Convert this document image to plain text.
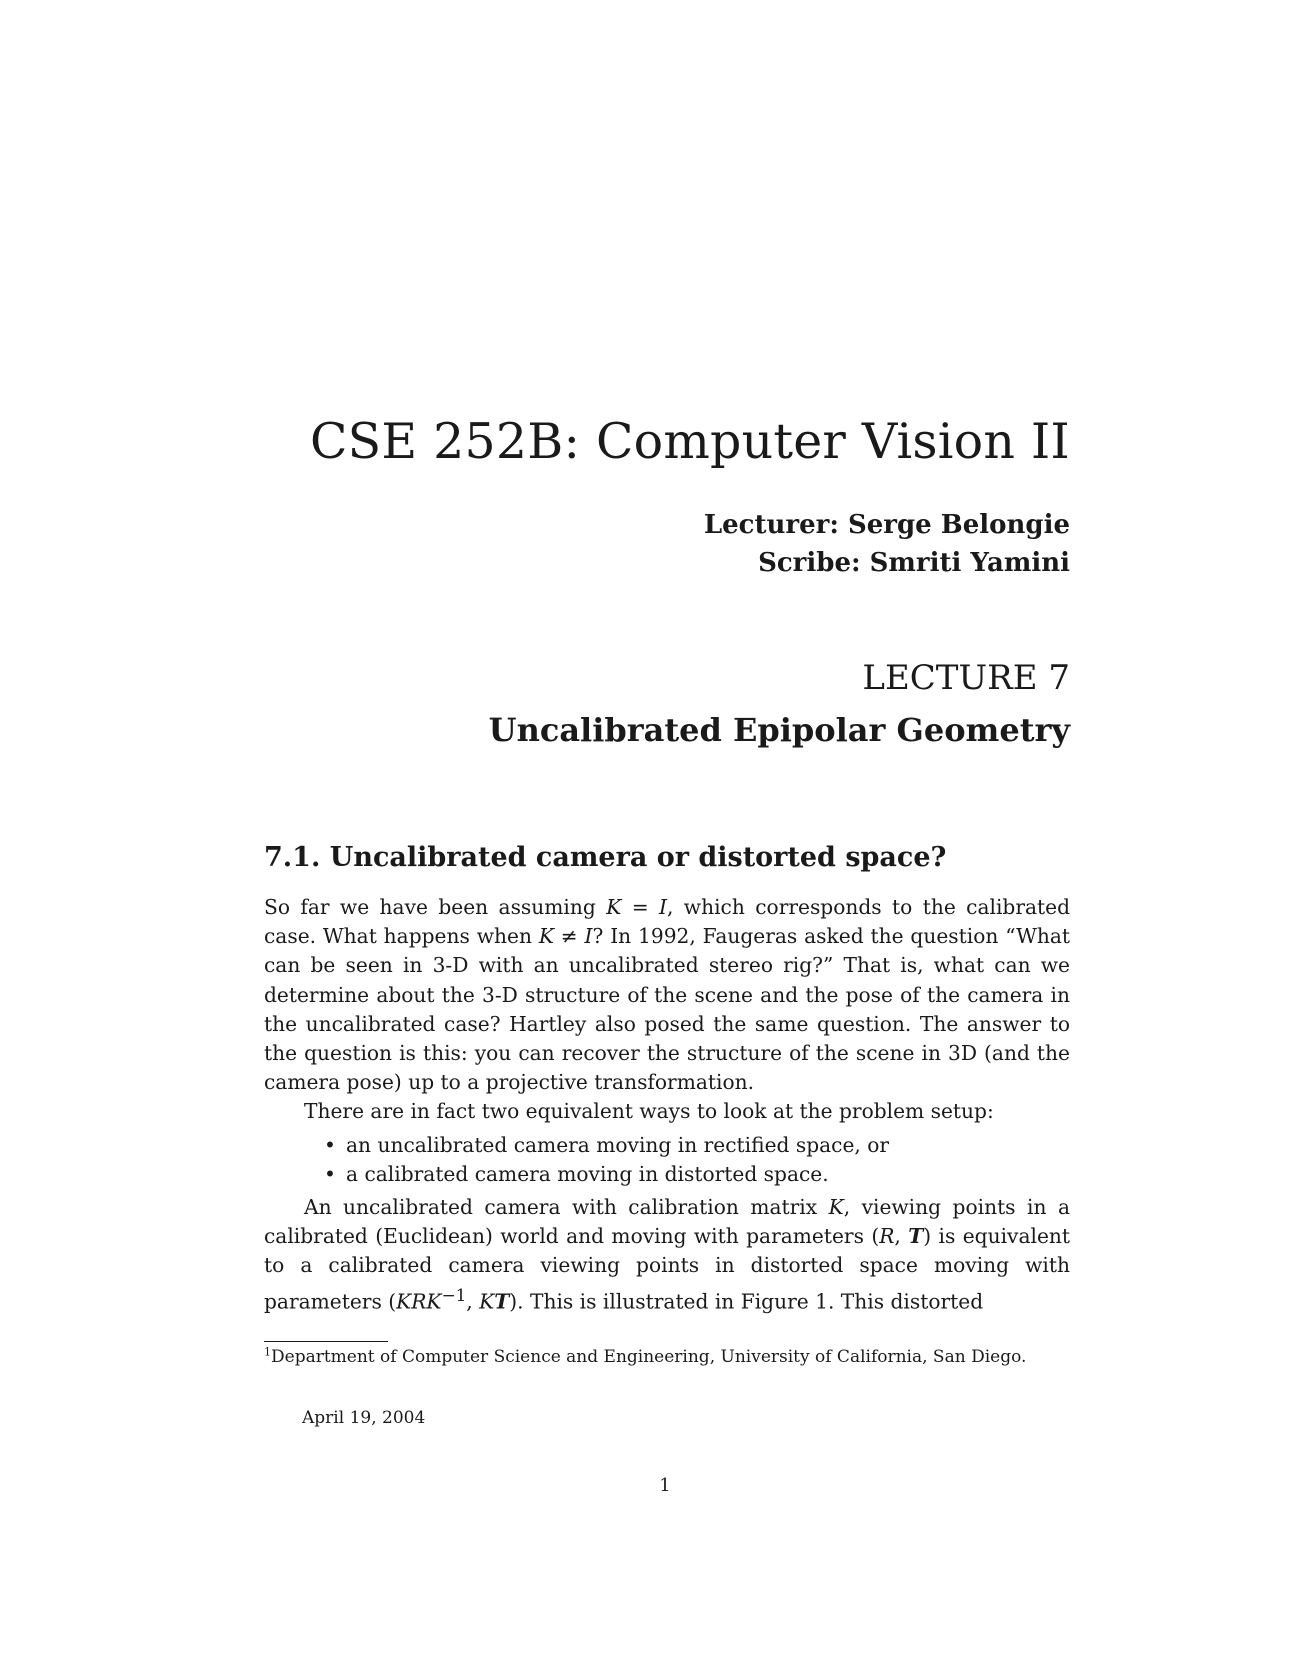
CSE 252B: Computer Vision II
Lecturer: Serge Belongie
Scribe: Smriti Yamini
LECTURE 7
Uncalibrated Epipolar Geometry
7.1. Uncalibrated camera or distorted space?

So far we have been assuming K = I, which corresponds to the calibrated case. What happens when K ≠ I? In 1992, Faugeras asked the question “What can be seen in 3-D with an uncalibrated stereo rig?” That is, what can we determine about the 3-D structure of the scene and the pose of the camera in the uncalibrated case? Hartley also posed the same question. The answer to the question is this: you can recover the structure of the scene in 3D (and the camera pose) up to a projective transformation.

There are in fact two equivalent ways to look at the problem setup:

• an uncalibrated camera moving in rectified space, or
• a calibrated camera moving in distorted space.

An uncalibrated camera with calibration matrix K, viewing points in a calibrated (Euclidean) world and moving with parameters (R, T) is equivalent to a calibrated camera viewing points in distorted space moving with parameters ($KRK^{-1}$, KT). This is illustrated in Figure 1. This distorted

$^1$Department of Computer Science and Engineering, University of California, San Diego.
April 19, 2004
1
